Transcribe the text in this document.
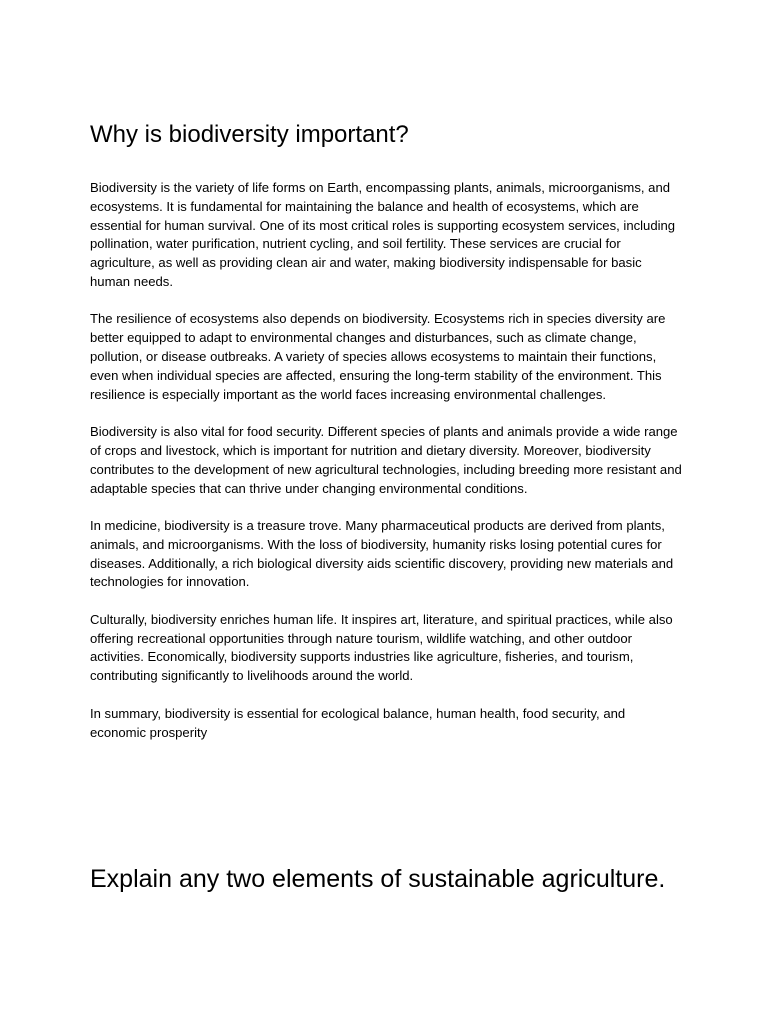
Why is biodiversity important?

Biodiversity is the variety of life forms on Earth, encompassing plants, animals, microorganisms, and ecosystems. It is fundamental for maintaining the balance and health of ecosystems, which are essential for human survival. One of its most critical roles is supporting ecosystem services, including pollination, water purification, nutrient cycling, and soil fertility. These services are crucial for agriculture, as well as providing clean air and water, making biodiversity indispensable for basic human needs.

The resilience of ecosystems also depends on biodiversity. Ecosystems rich in species diversity are better equipped to adapt to environmental changes and disturbances, such as climate change, pollution, or disease outbreaks. A variety of species allows ecosystems to maintain their functions, even when individual species are affected, ensuring the long-term stability of the environment. This resilience is especially important as the world faces increasing environmental challenges.

Biodiversity is also vital for food security. Different species of plants and animals provide a wide range of crops and livestock, which is important for nutrition and dietary diversity. Moreover, biodiversity contributes to the development of new agricultural technologies, including breeding more resistant and adaptable species that can thrive under changing environmental conditions.

In medicine, biodiversity is a treasure trove. Many pharmaceutical products are derived from plants, animals, and microorganisms. With the loss of biodiversity, humanity risks losing potential cures for diseases. Additionally, a rich biological diversity aids scientific discovery, providing new materials and technologies for innovation.

Culturally, biodiversity enriches human life. It inspires art, literature, and spiritual practices, while also offering recreational opportunities through nature tourism, wildlife watching, and other outdoor activities. Economically, biodiversity supports industries like agriculture, fisheries, and tourism, contributing significantly to livelihoods around the world.

In summary, biodiversity is essential for ecological balance, human health, food security, and economic prosperity

Explain any two elements of sustainable agriculture.
